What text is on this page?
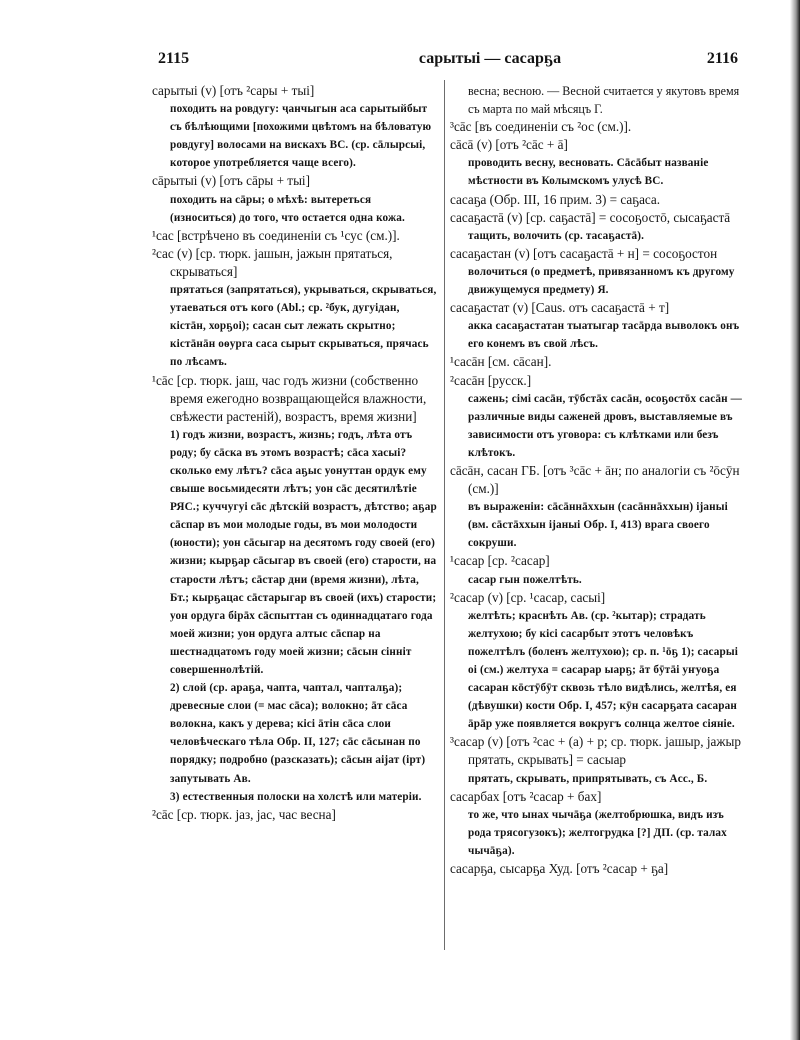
2115	сарытыі — сасарҕа	2116

сарытыі (v) [отъ ²сары + тыі]

походить на ровдугу: ҷанчыгын аса сарытыйбыт съ бѣлѣющими [похожими цвѣтомъ на бѣловатую ровдугу] волосами на вискахъ ВС. (ср. сāлырсыі, которое употребляется чаще всего).

сāрытыі (v) [отъ сāры + тыі]

походить на сāры; о мѣхѣ: вытереться (износиться) до того, что остается одна кожа.

¹сас [встрѣчено въ соединеніи съ ¹сус (см.)].

²сас (v) [ср. тюрк. јашын, јажын прятаться, скрываться]

прятаться (запрятаться), укрываться, скрываться, утаеваться отъ кого (Abl.; ср. ²бук, дугуідан, кістāн, хорҕоі); сасан сыт лежать скрытно; кістāнāн оѳурга саса сырыт скрываться, прячась по лѣсамъ.

¹сāс [ср. тюрк. јаш, час годъ жизни (собственно время ежегодно возвращающейся влажности, свѣжести растеній), возрастъ, время жизни]

1) годъ жизни, возрастъ, жизнь; годъ, лѣта отъ роду; бу сāска въ этомъ возрастѣ; сāса хасыі? сколько ему лѣтъ? сāса аҕыс уонуттан ордук ему свыше восьмидесяти лѣтъ; уон сāс десятилѣтіе РЯС.; куччугуі сāс дѣтскій возрастъ, дѣтство; аҕар сāспар въ мои молодые годы, въ мои молодости (юности); уон сāсыгар на десятомъ году своей (его) жизни; кырҕар сāсыгар въ своей (его) старости, на старости лѣтъ; сāстар дни (время жизни), лѣта, Бт.; кырҕацас сāстарыгар въ своей (ихъ) старости; уон ордуга бірāх сāспыттан съ одиннадцатаго года моей жизни; уон ордуга алтыс сāспар на шестнадцатомъ году моей жизни; сāсын сінніт совершеннолѣтій.

2) слой (ср. араҕа, чапта, чаптал, чапталҕа); древесные слои (= мас сāса); волокно; āт сāса волокна, какъ у дерева; кісі āтін сāса слои человѣческаго тѣла Обр. II, 127; сāс сāсынан по порядку; подробно (разсказать); сāсын аіјат (ірт) запутывать Ав.

3) естественныя полоски на холстѣ или матеріи.

²сāс [ср. тюрк. јаз, јас, час весна]

весна; весною. — Весной считается у якутовъ время съ марта по май мѣсяцъ Г.

³сāс [въ соединеніи съ ²ос (см.)].

сāсā (v) [отъ ²сāс + ā]

проводить весну, весновать. Сāсāбыт названіе мѣстности въ Колымскомъ улусѣ ВС.

сасаҕа (Обр. III, 16 прим. 3) = саҕаса.

сасаҕастā (v) [ср. саҕастā] = сосоҕостō, сысаҕастā

тащить, волочить (ср. тасаҕастā).

сасаҕастан (v) [отъ сасаҕастā + н] = сосоҕостон

волочиться (о предметѣ, привязанномъ къ другому движущемуся предмету) Я.

сасаҕастат (v) [Caus. отъ сасаҕастā + т]

акка сасаҕастатан тыатыгар тасāрда выволокъ онъ его конемъ въ свой лѣсъ.

¹сасāн [см. сāсан].

²сасāн [русск.]

сажень; сімі сасāн, тӯбстāх сасāн, осоҕостōх сасāн — различные виды саженей дровъ, выставляемые въ зависимости отъ уговора: съ клѣтками или безъ клѣтокъ.

сāсāн, сасан ГБ. [отъ ³сāс + āн; по аналогіи съ ²ōсӯн (см.)]

въ выраженіи: сāсāннāххын (сасāннāххын) іјаныі (вм. сāстāххын іјаныі Обр. I, 413) врага своего сокруши.

¹сасар [ср. ²сасар]

сасар гын пожелтѣть.

²сасар (v) [ср. ¹сасар, сасыі]

желтѣть; краснѣть Ав. (ср. ²кытар); страдать желтухою; бу кісі сасарбыт этотъ человѣкъ пожелтѣлъ (боленъ желтухою); ср. п. ¹ōҕ 1); сасарыі оі (см.) желтуха = сасарар ыарҕ; āт бӯтāі уҥуоҕа сасаран кōстӯбӯт сквозь тѣло видѣлись, желтѣя, ея (дѣвушки) кости Обр. I, 457; кӯн сасарҕата сасаран āрāр уже появляется вокругъ солнца желтое сіяніе.

³сасар (v) [отъ ²сас + (а) + р; ср. тюрк. јашыр, јажыр прятать, скрывать] = сасыар

прятать, скрывать, припрятывать, съ Acc., Б.

сасарбах [отъ ²сасар + бах]

то же, что ынах чычāҕа (желтобрюшка, видъ изъ рода трясогузокъ); желтогрудка [?] ДП. (ср. талах чычāҕа).

сасарҕа, сысарҕа Худ. [отъ ²сасар + ҕа]
